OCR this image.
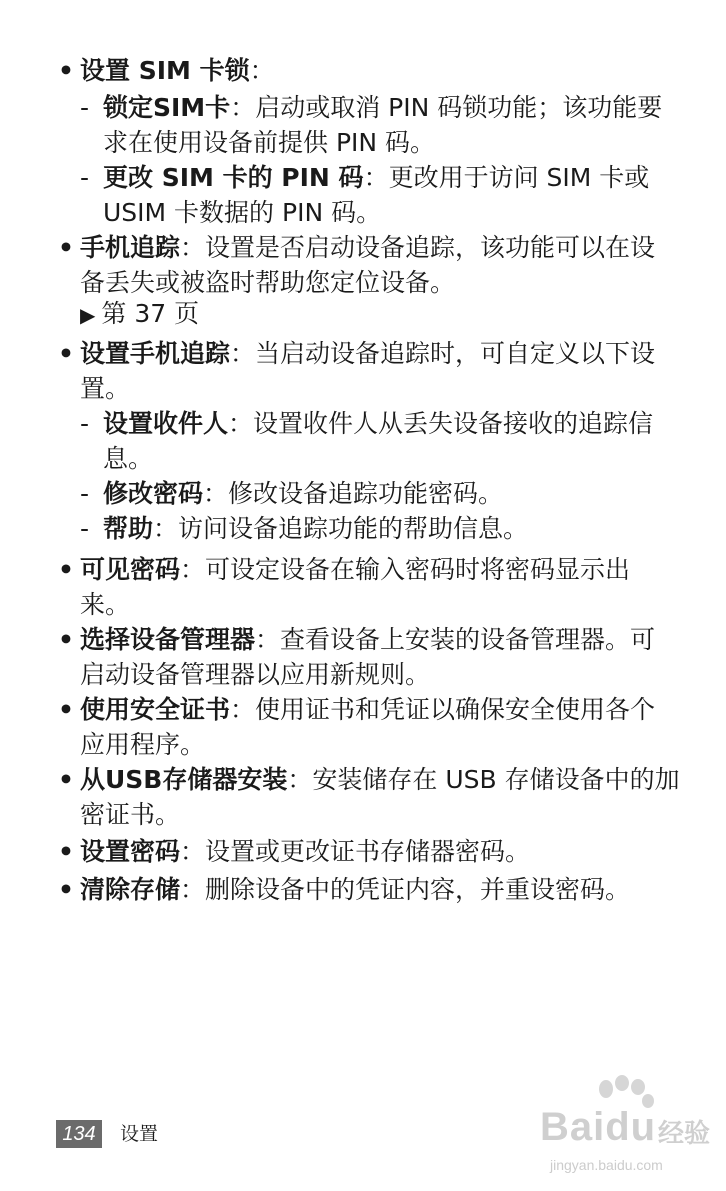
• 设置 SIM 卡锁：
- 锁定SIM卡：启动或取消 PIN 码锁功能；该功能要求在使用设备前提供 PIN 码。
- 更改 SIM 卡的 PIN 码：更改用于访问 SIM 卡或 USIM 卡数据的 PIN 码。
• 手机追踪：设置是否启动设备追踪，该功能可以在设备丢失或被盗时帮助您定位设备。
▶ 第 37 页
• 设置手机追踪：当启动设备追踪时，可自定义以下设置。
- 设置收件人：设置收件人从丢失设备接收的追踪信息。
- 修改密码：修改设备追踪功能密码。
- 帮助：访问设备追踪功能的帮助信息。
• 可见密码：可设定设备在输入密码时将密码显示出来。
• 选择设备管理器：查看设备上安装的设备管理器。可启动设备管理器以应用新规则。
• 使用安全证书：使用证书和凭证以确保安全使用各个应用程序。
• 从USB存储器安装：安装储存在 USB 存储设备中的加密证书。
• 设置密码：设置或更改证书存储器密码。
• 清除存储：删除设备中的凭证内容，并重设密码。
134	设置	Baidu 经验
jingyan.baidu.com
